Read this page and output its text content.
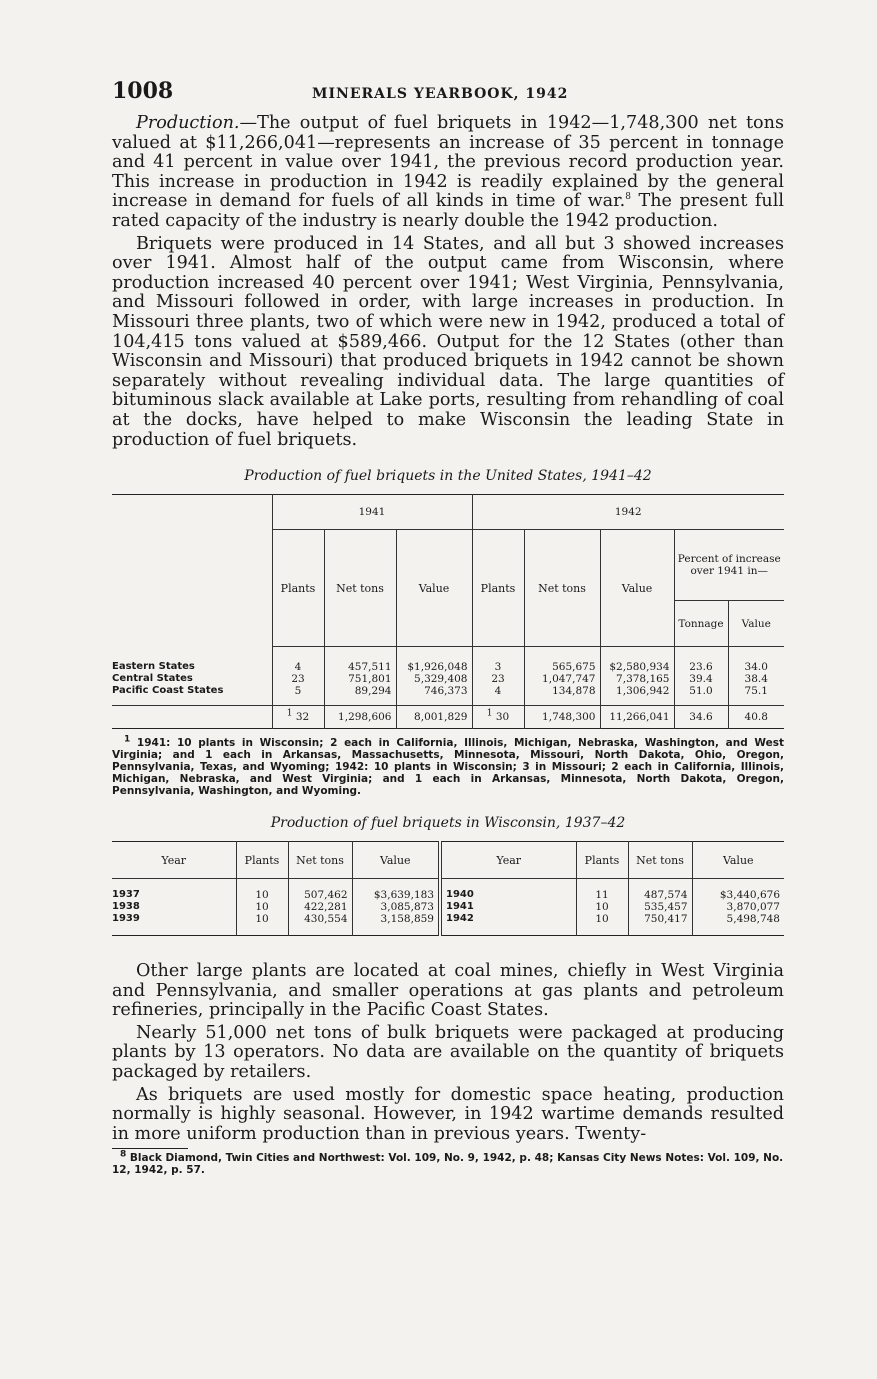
1008	MINERALS YEARBOOK, 1942

Production.—The output of fuel briquets in 1942—1,748,300 net tons valued at $11,266,041—represents an increase of 35 percent in tonnage and 41 percent in value over 1941, the previous record production year. This increase in production in 1942 is readily explained by the general increase in demand for fuels of all kinds in time of war.$^8$ The present full rated capacity of the industry is nearly double the 1942 production.

Briquets were produced in 14 States, and all but 3 showed increases over 1941. Almost half of the output came from Wisconsin, where production increased 40 percent over 1941; West Virginia, Pennsylvania, and Missouri followed in order, with large increases in production. In Missouri three plants, two of which were new in 1942, produced a total of 104,415 tons valued at $589,466. Output for the 12 States (other than Wisconsin and Missouri) that produced briquets in 1942 cannot be shown separately without revealing individual data. The large quantities of bituminous slack available at Lake ports, resulting from rehandling of coal at the docks, have helped to make Wisconsin the leading State in production of fuel briquets.

Production of fuel briquets in the United States, 1941–42
	1941			1942				
	Plants	Net tons	Value	Plants	Net tons	Value	Percent of increase over 1941 in—	
							Tonnage	Value
Eastern States	4	457,511	$1,926,048	3	565,675	$2,580,934	23.6	34.0
Central States	23	751,801	5,329,408	23	1,047,747	7,378,165	39.4	38.4
Pacific Coast States	5	89,294	746,373	4	134,878	1,306,942	51.0	75.1
	$^1$ 32	1,298,606	8,001,829	$^1$ 30	1,748,300	11,266,041	34.6	40.8
$^1$ 1941: 10 plants in Wisconsin; 2 each in California, Illinois, Michigan, Nebraska, Washington, and West Virginia; and 1 each in Arkansas, Massachusetts, Minnesota, Missouri, North Dakota, Ohio, Oregon, Pennsylvania, Texas, and Wyoming; 1942: 10 plants in Wisconsin; 3 in Missouri; 2 each in California, Illinois, Michigan, Nebraska, and West Virginia; and 1 each in Arkansas, Minnesota, North Dakota, Oregon, Pennsylvania, Washington, and Wyoming.
Production of fuel briquets in Wisconsin, 1937–42
Year	Plants	Net tons	Value	Year	Plants	Net tons	Value
1937	10	507,462	$3,639,183	1940	11	487,574	$3,440,676
1938	10	422,281	3,085,873	1941	10	535,457	3,870,077
1939	10	430,554	3,158,859	1942	10	750,417	5,498,748

Other large plants are located at coal mines, chiefly in West Virginia and Pennsylvania, and smaller operations at gas plants and petroleum refineries, principally in the Pacific Coast States.

Nearly 51,000 net tons of bulk briquets were packaged at producing plants by 13 operators. No data are available on the quantity of briquets packaged by retailers.

As briquets are used mostly for domestic space heating, production normally is highly seasonal. However, in 1942 wartime demands resulted in more uniform production than in previous years. Twenty-

$^8$ Black Diamond, Twin Cities and Northwest: Vol. 109, No. 9, 1942, p. 48; Kansas City News Notes: Vol. 109, No. 12, 1942, p. 57.
